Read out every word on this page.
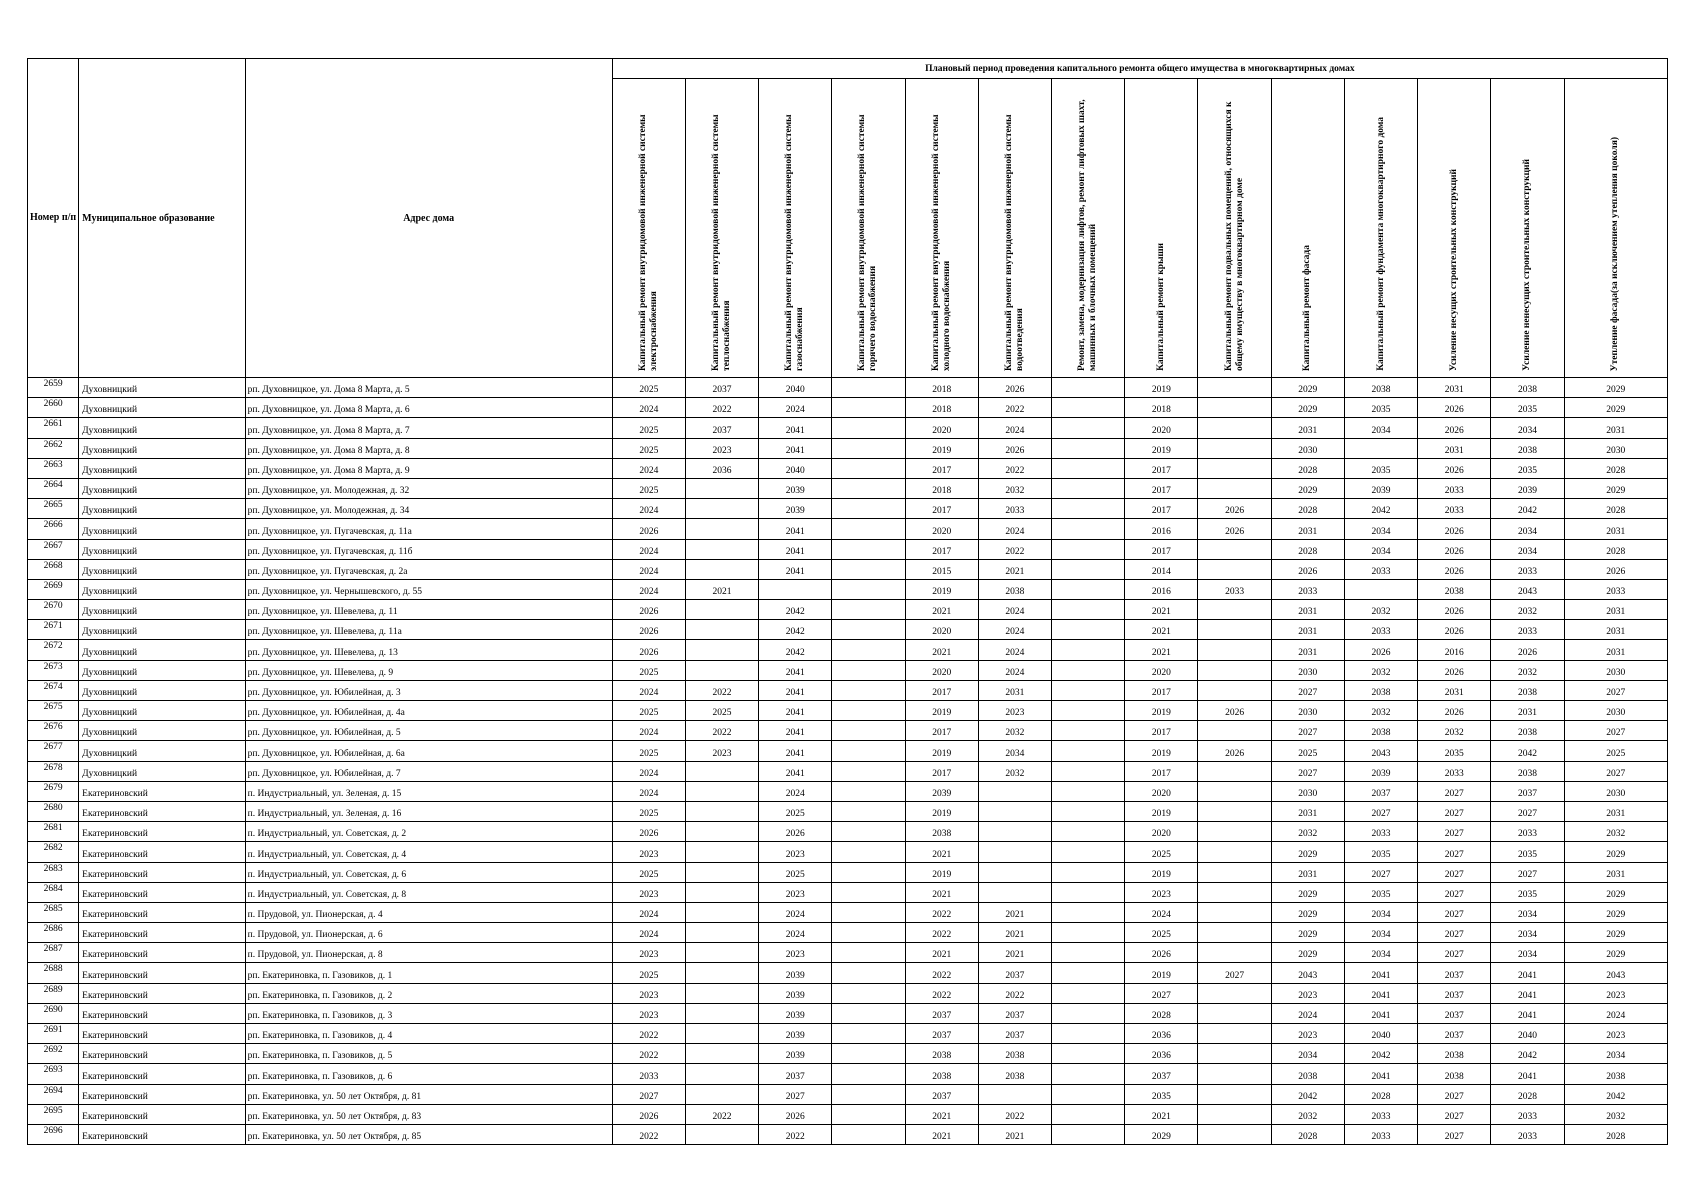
Номер п/п	Муниципальное образование	Адрес дома	Плановый период проведения капитального ремонта общего имущества в многоквартирных домах													

			Капитальный ремонт внутридомовой инженерной системы электроснабжения	Капитальный ремонт внутридомовой инженерной системы теплоснабжения	Капитальный ремонт внутридомовой инженерной системы газоснабжения	Капитальный ремонт внутридомовой инженерной системы горячего водоснабжения	Капитальный ремонт внутридомовой инженерной системы холодного водоснабжения	Капитальный ремонт внутридомовой инженерной системы водоотведения	Ремонт, замена, модернизация лифтов, ремонт лифтовых шахт, машинных и блочных помещений	Капитальный ремонт крыши	Капитальный ремонт подвальных помещений, относящихся к общему имуществу в многоквартирном доме	Капитальный ремонт фасада	Капитальный ремонт фундамента многоквартирного дома	Усиление несущих строительных конструкций	Усиление ненесущих строительных конструкций	Утепление фасада(за исключением утепления цоколя)

2659	Духовницкий	рп. Духовницкое, ул. Дома 8 Марта, д. 5	2025	2037	2040		2018	2026		2019		2029	2038	2031	2038	2029
2660	Духовницкий	рп. Духовницкое, ул. Дома 8 Марта, д. 6	2024	2022	2024		2018	2022		2018		2029	2035	2026	2035	2029
2661	Духовницкий	рп. Духовницкое, ул. Дома 8 Марта, д. 7	2025	2037	2041		2020	2024		2020		2031	2034	2026	2034	2031
2662	Духовницкий	рп. Духовницкое, ул. Дома 8 Марта, д. 8	2025	2023	2041		2019	2026		2019		2030		2031	2038	2030
2663	Духовницкий	рп. Духовницкое, ул. Дома 8 Марта, д. 9	2024	2036	2040		2017	2022		2017		2028	2035	2026	2035	2028
2664	Духовницкий	рп. Духовницкое, ул. Молодежная, д. 32	2025		2039		2018	2032		2017		2029	2039	2033	2039	2029
2665	Духовницкий	рп. Духовницкое, ул. Молодежная, д. 34	2024		2039		2017	2033		2017	2026	2028	2042	2033	2042	2028
2666	Духовницкий	рп. Духовницкое, ул. Пугачевская, д. 11а	2026		2041		2020	2024		2016	2026	2031	2034	2026	2034	2031
2667	Духовницкий	рп. Духовницкое, ул. Пугачевская, д. 11б	2024		2041		2017	2022		2017		2028	2034	2026	2034	2028
2668	Духовницкий	рп. Духовницкое, ул. Пугачевская, д. 2а	2024		2041		2015	2021		2014		2026	2033	2026	2033	2026
2669	Духовницкий	рп. Духовницкое, ул. Чернышевского, д. 55	2024	2021			2019	2038		2016	2033	2033		2038	2043	2033
2670	Духовницкий	рп. Духовницкое, ул. Шевелева, д. 11	2026		2042		2021	2024		2021		2031	2032	2026	2032	2031
2671	Духовницкий	рп. Духовницкое, ул. Шевелева, д. 11а	2026		2042		2020	2024		2021		2031	2033	2026	2033	2031
2672	Духовницкий	рп. Духовницкое, ул. Шевелева, д. 13	2026		2042		2021	2024		2021		2031	2026	2016	2026	2031
2673	Духовницкий	рп. Духовницкое, ул. Шевелева, д. 9	2025		2041		2020	2024		2020		2030	2032	2026	2032	2030
2674	Духовницкий	рп. Духовницкое, ул. Юбилейная, д. 3	2024	2022	2041		2017	2031		2017		2027	2038	2031	2038	2027
2675	Духовницкий	рп. Духовницкое, ул. Юбилейная, д. 4а	2025	2025	2041		2019	2023		2019	2026	2030	2032	2026	2031	2030
2676	Духовницкий	рп. Духовницкое, ул. Юбилейная, д. 5	2024	2022	2041		2017	2032		2017		2027	2038	2032	2038	2027
2677	Духовницкий	рп. Духовницкое, ул. Юбилейная, д. 6а	2025	2023	2041		2019	2034		2019	2026	2025	2043	2035	2042	2025
2678	Духовницкий	рп. Духовницкое, ул. Юбилейная, д. 7	2024		2041		2017	2032		2017		2027	2039	2033	2038	2027
2679	Екатериновский	п. Индустриальный, ул. Зеленая, д. 15	2024		2024		2039			2020		2030	2037	2027	2037	2030
2680	Екатериновский	п. Индустриальный, ул. Зеленая, д. 16	2025		2025		2019			2019		2031	2027	2027	2027	2031
2681	Екатериновский	п. Индустриальный, ул. Советская, д. 2	2026		2026		2038			2020		2032	2033	2027	2033	2032
2682	Екатериновский	п. Индустриальный, ул. Советская, д. 4	2023		2023		2021			2025		2029	2035	2027	2035	2029
2683	Екатериновский	п. Индустриальный, ул. Советская, д. 6	2025		2025		2019			2019		2031	2027	2027	2027	2031
2684	Екатериновский	п. Индустриальный, ул. Советская, д. 8	2023		2023		2021			2023		2029	2035	2027	2035	2029
2685	Екатериновский	п. Прудовой, ул. Пионерская, д. 4	2024		2024		2022	2021		2024		2029	2034	2027	2034	2029
2686	Екатериновский	п. Прудовой, ул. Пионерская, д. 6	2024		2024		2022	2021		2025		2029	2034	2027	2034	2029
2687	Екатериновский	п. Прудовой, ул. Пионерская, д. 8	2023		2023		2021	2021		2026		2029	2034	2027	2034	2029
2688	Екатериновский	рп. Екатериновка, п. Газовиков, д. 1	2025		2039		2022	2037		2019	2027	2043	2041	2037	2041	2043
2689	Екатериновский	рп. Екатериновка, п. Газовиков, д. 2	2023		2039		2022	2022		2027		2023	2041	2037	2041	2023
2690	Екатериновский	рп. Екатериновка, п. Газовиков, д. 3	2023		2039		2037	2037		2028		2024	2041	2037	2041	2024
2691	Екатериновский	рп. Екатериновка, п. Газовиков, д. 4	2022		2039		2037	2037		2036		2023	2040	2037	2040	2023
2692	Екатериновский	рп. Екатериновка, п. Газовиков, д. 5	2022		2039		2038	2038		2036		2034	2042	2038	2042	2034
2693	Екатериновский	рп. Екатериновка, п. Газовиков, д. 6	2033		2037		2038	2038		2037		2038	2041	2038	2041	2038
2694	Екатериновский	рп. Екатериновка, ул. 50 лет Октября, д. 81	2027		2027		2037			2035		2042	2028	2027	2028	2042
2695	Екатериновский	рп. Екатериновка, ул. 50 лет Октября, д. 83	2026	2022	2026		2021	2022		2021		2032	2033	2027	2033	2032
2696	Екатериновский	рп. Екатериновка, ул. 50 лет Октября, д. 85	2022		2022		2021	2021		2029		2028	2033	2027	2033	2028
